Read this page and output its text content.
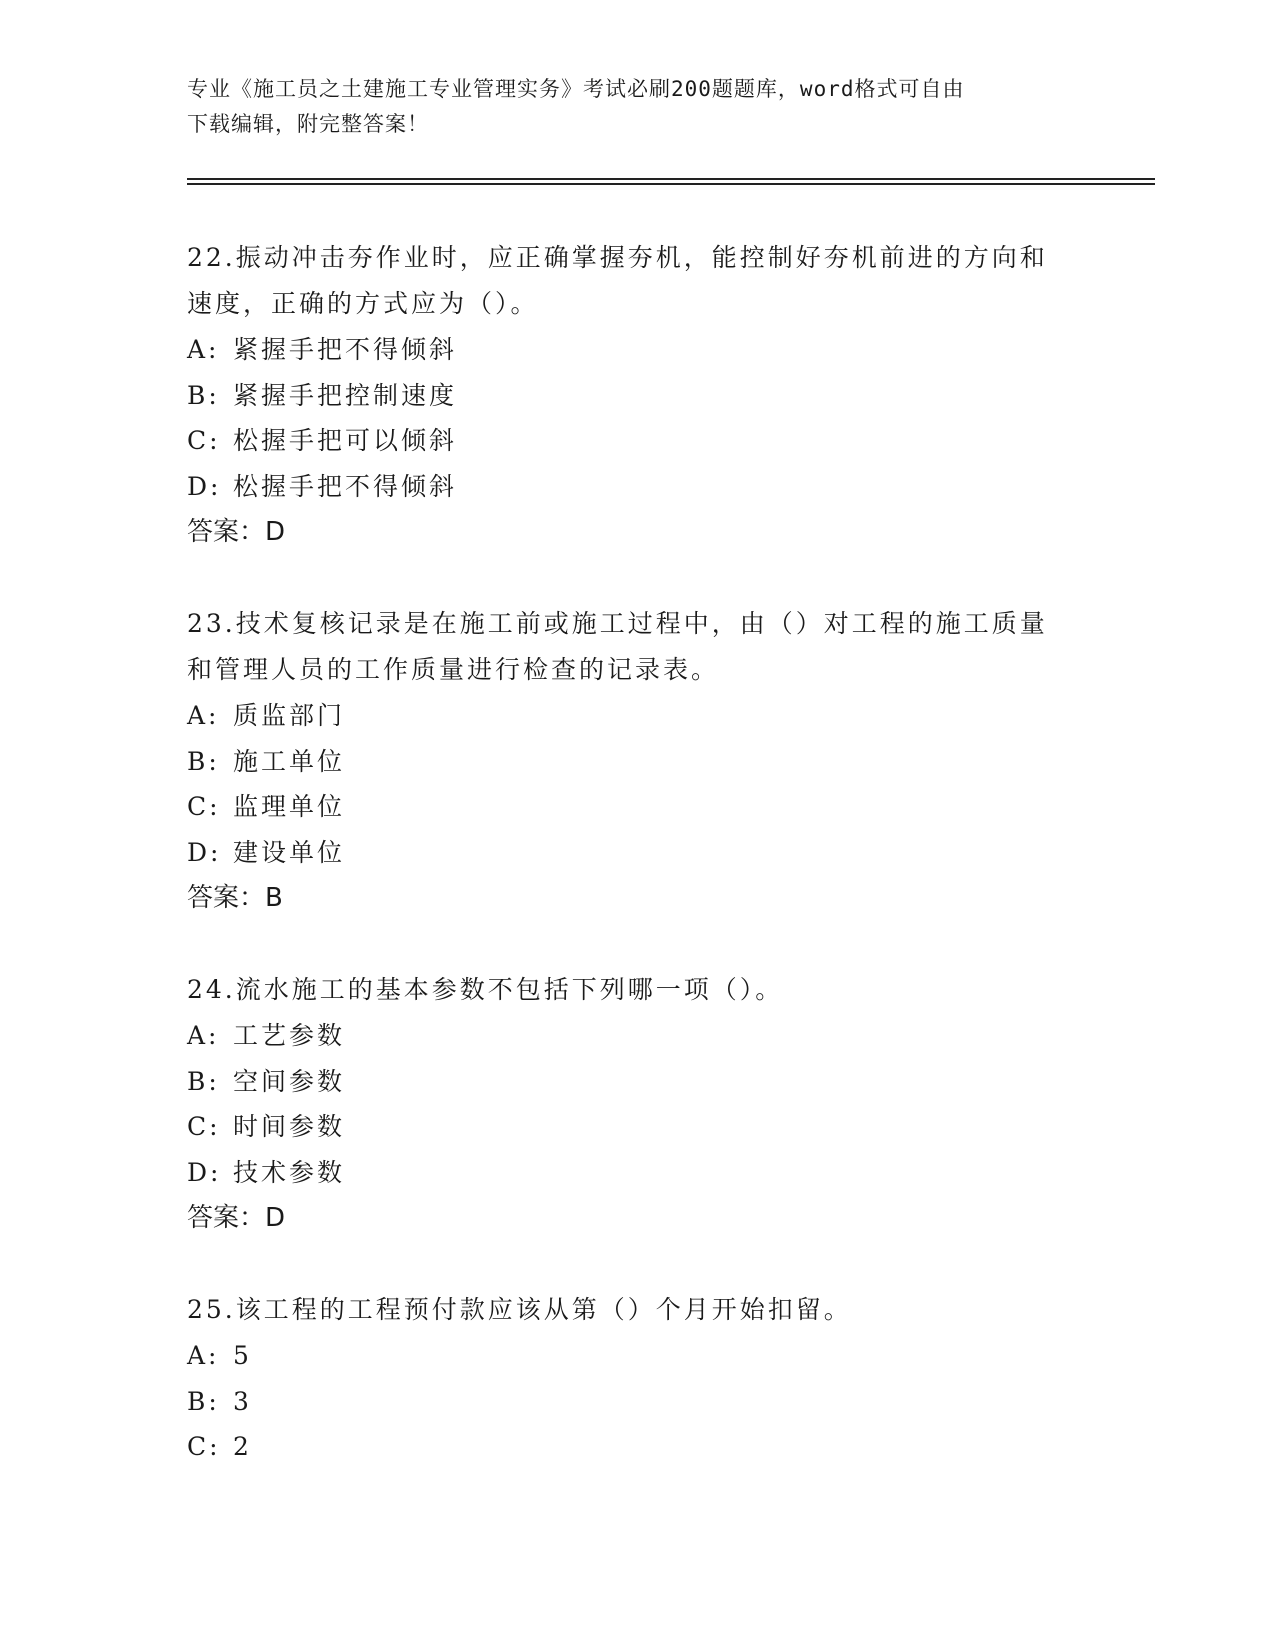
专业《施工员之土建施工专业管理实务》考试必刷200题题库，word格式可自由
下载编辑，附完整答案！

22.振动冲击夯作业时，应正确掌握夯机，能控制好夯机前进的方向和

速度，正确的方式应为（）。

A: 紧握手把不得倾斜

B: 紧握手把控制速度

C: 松握手把可以倾斜

D: 松握手把不得倾斜

答案：D

23.技术复核记录是在施工前或施工过程中，由（）对工程的施工质量

和管理人员的工作质量进行检查的记录表。

A: 质监部门

B: 施工单位

C: 监理单位

D: 建设单位

答案：B

24.流水施工的基本参数不包括下列哪一项（）。

A: 工艺参数

B: 空间参数

C: 时间参数

D: 技术参数

答案：D

25.该工程的工程预付款应该从第（）个月开始扣留。

A: 5

B: 3

C: 2
